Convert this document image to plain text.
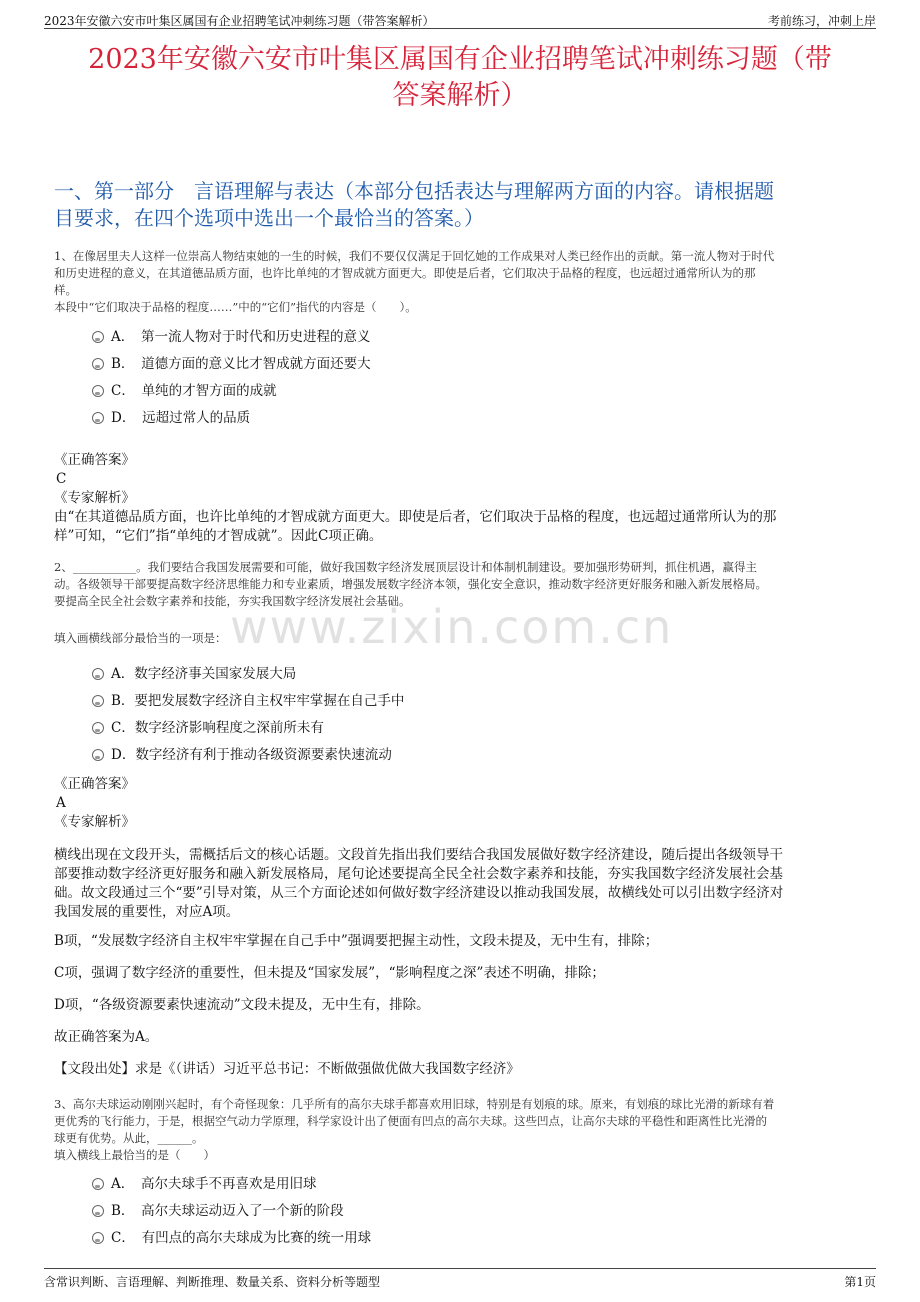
2023年安徽六安市叶集区属国有企业招聘笔试冲刺练习题（带答案解析）	考前练习，冲刺上岸
2023年安徽六安市叶集区属国有企业招聘笔试冲刺练习题（带
答案解析）
一、第一部分　言语理解与表达（本部分包括表达与理解两方面的内容。请根据题
目要求，在四个选项中选出一个最恰当的答案。）
1、在像居里夫人这样一位崇高人物结束她的一生的时候，我们不要仅仅满足于回忆她的工作成果对人类已经作出的贡献。第一流人物对于时代
和历史进程的意义，在其道德品质方面，也许比单纯的才智成就方面更大。即使是后者，它们取决于品格的程度，也远超过通常所认为的那
样。
本段中“它们取决于品格的程度……”中的“它们”指代的内容是（　　）。
A．　第一流人物对于时代和历史进程的意义
B．　道德方面的意义比才智成就方面还要大
C．　单纯的才智方面的成就
D．　远超过常人的品质
《正确答案》
C
《专家解析》
由“在其道德品质方面，也许比单纯的才智成就方面更大。即使是后者，它们取决于品格的程度，也远超过通常所认为的那
样”可知，“它们”指“单纯的才智成就”。因此C项正确。
2、___________。我们要结合我国发展需要和可能，做好我国数字经济发展顶层设计和体制机制建设。要加强形势研判，抓住机遇，赢得主
动。各级领导干部要提高数字经济思维能力和专业素质，增强发展数字经济本领，强化安全意识，推动数字经济更好服务和融入新发展格局。
要提高全民全社会数字素养和技能，夯实我国数字经济发展社会基础。
填入画横线部分最恰当的一项是： www.zixin.com.cn
A．数字经济事关国家发展大局
B．要把发展数字经济自主权牢牢掌握在自己手中
C．数字经济影响程度之深前所未有
D．数字经济有利于推动各级资源要素快速流动
《正确答案》
A
《专家解析》
横线出现在文段开头，需概括后文的核心话题。文段首先指出我们要结合我国发展做好数字经济建设，随后提出各级领导干
部要推动数字经济更好服务和融入新发展格局，尾句论述要提高全民全社会数字素养和技能，夯实我国数字经济发展社会基
础。故文段通过三个“要”引导对策，从三个方面论述如何做好数字经济建设以推动我国发展，故横线处可以引出数字经济对
我国发展的重要性，对应A项。
B项，“发展数字经济自主权牢牢掌握在自己手中”强调要把握主动性，文段未提及，无中生有，排除；
C项，强调了数字经济的重要性，但未提及“国家发展”，“影响程度之深”表述不明确，排除；
D项，“各级资源要素快速流动”文段未提及，无中生有，排除。
故正确答案为A。
【文段出处】求是《（讲话）习近平总书记：不断做强做优做大我国数字经济》
3、高尔夫球运动刚刚兴起时，有个奇怪现象：几乎所有的高尔夫球手都喜欢用旧球，特别是有划痕的球。原来，有划痕的球比光滑的新球有着
更优秀的飞行能力，于是，根据空气动力学原理，科学家设计出了便面有凹点的高尔夫球。这些凹点，让高尔夫球的平稳性和距离性比光滑的
球更有优势。从此，______。
填入横线上最恰当的是（　　）
A．　高尔夫球手不再喜欢是用旧球
B．　高尔夫球运动迈入了一个新的阶段
C．　有凹点的高尔夫球成为比赛的统一用球
含常识判断、言语理解、判断推理、数量关系、资料分析等题型	第1页
